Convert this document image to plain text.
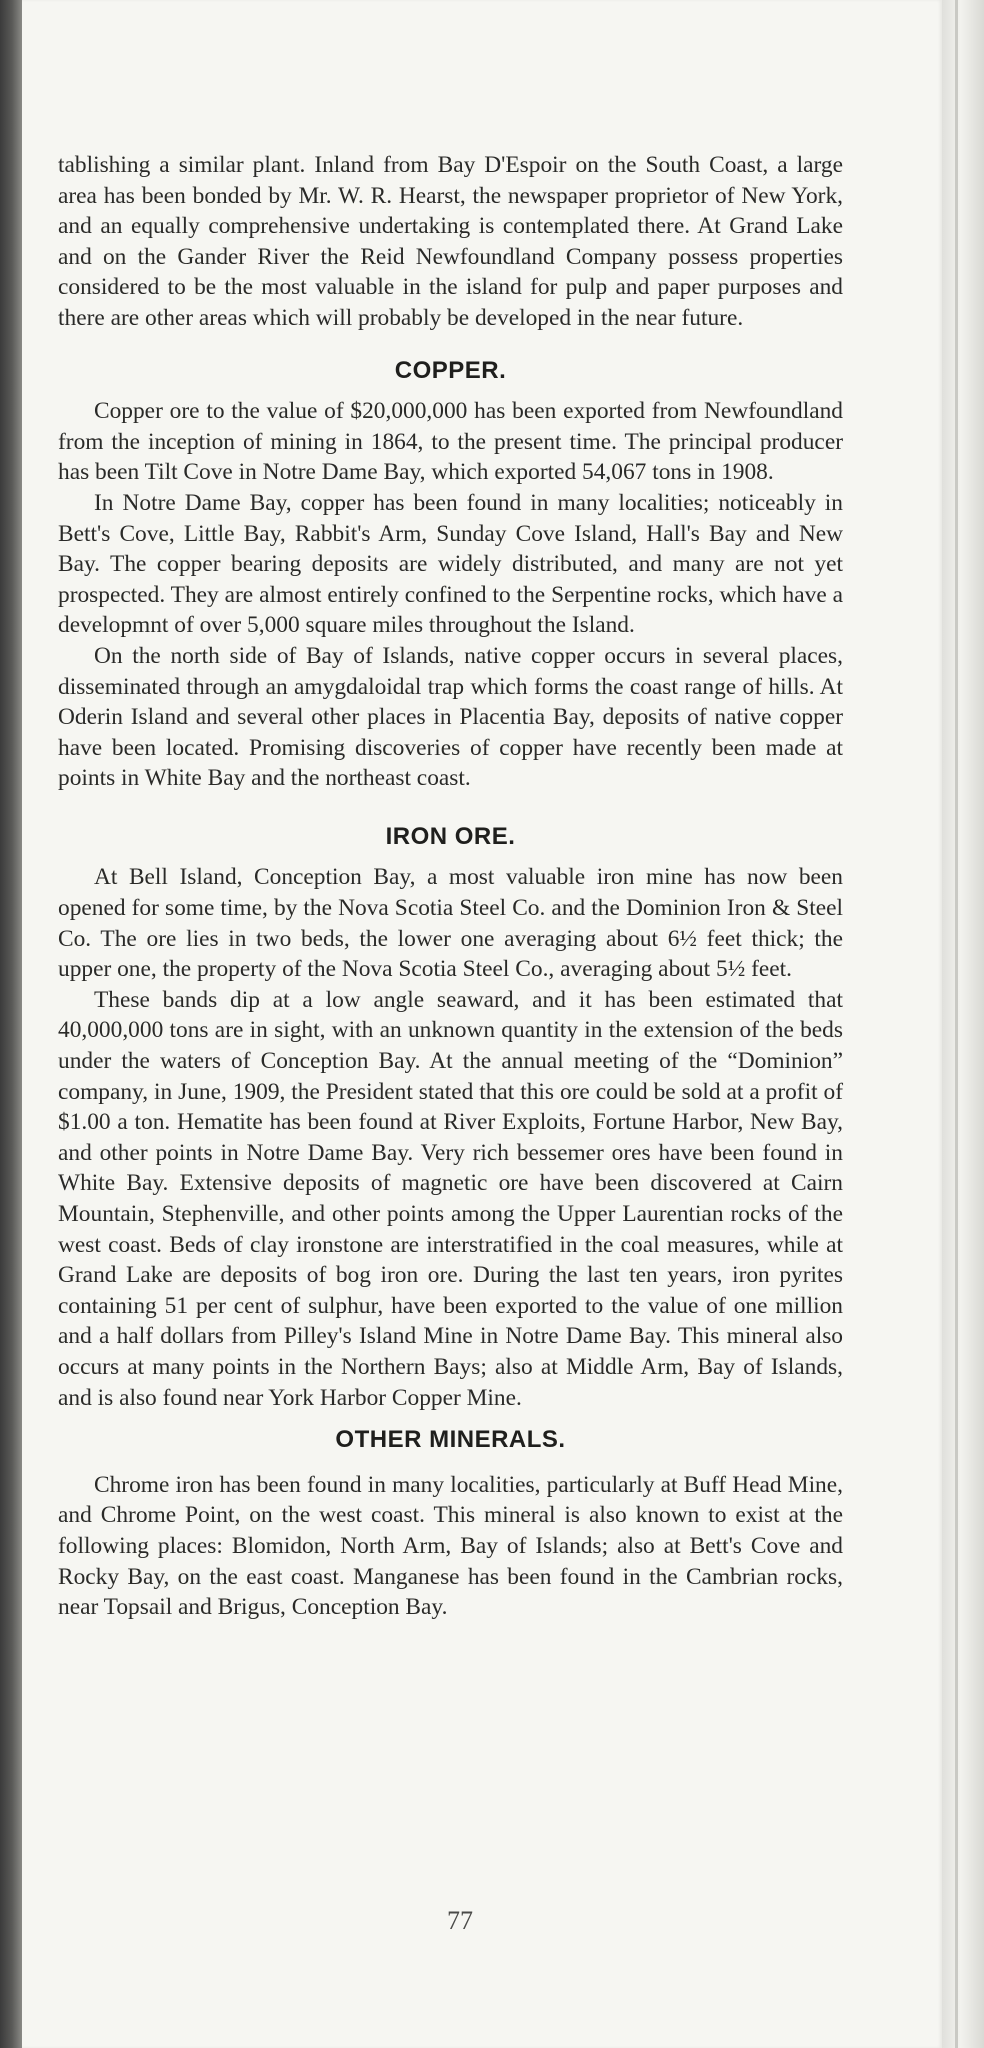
tablishing a similar plant. Inland from Bay D'Espoir on the South Coast, a large area has been bonded by Mr. W. R. Hearst, the newspaper proprietor of New York, and an equally comprehensive undertaking is contemplated there. At Grand Lake and on the Gander River the Reid Newfoundland Company possess properties considered to be the most valuable in the island for pulp and paper purposes and there are other areas which will probably be developed in the near future.

COPPER.

Copper ore to the value of $20,000,000 has been exported from Newfoundland from the inception of mining in 1864, to the present time. The principal producer has been Tilt Cove in Notre Dame Bay, which exported 54,067 tons in 1908.

In Notre Dame Bay, copper has been found in many localities; noticeably in Bett's Cove, Little Bay, Rabbit's Arm, Sunday Cove Island, Hall's Bay and New Bay. The copper bearing deposits are widely distributed, and many are not yet prospected. They are almost entirely confined to the Serpentine rocks, which have a developmnt of over 5,000 square miles throughout the Island.

On the north side of Bay of Islands, native copper occurs in several places, disseminated through an amygdaloidal trap which forms the coast range of hills. At Oderin Island and several other places in Placentia Bay, deposits of native copper have been located. Promising discoveries of copper have recently been made at points in White Bay and the northeast coast.

IRON ORE.

At Bell Island, Conception Bay, a most valuable iron mine has now been opened for some time, by the Nova Scotia Steel Co. and the Dominion Iron & Steel Co. The ore lies in two beds, the lower one averaging about 6½ feet thick; the upper one, the property of the Nova Scotia Steel Co., averaging about 5½ feet.

These bands dip at a low angle seaward, and it has been estimated that 40,000,000 tons are in sight, with an unknown quantity in the extension of the beds under the waters of Conception Bay. At the annual meeting of the “Dominion” company, in June, 1909, the President stated that this ore could be sold at a profit of $1.00 a ton. Hematite has been found at River Exploits, Fortune Harbor, New Bay, and other points in Notre Dame Bay. Very rich bessemer ores have been found in White Bay. Extensive deposits of magnetic ore have been discovered at Cairn Mountain, Stephenville, and other points among the Upper Laurentian rocks of the west coast. Beds of clay ironstone are interstratified in the coal measures, while at Grand Lake are deposits of bog iron ore. During the last ten years, iron pyrites containing 51 per cent of sulphur, have been exported to the value of one million and a half dollars from Pilley's Island Mine in Notre Dame Bay. This mineral also occurs at many points in the Northern Bays; also at Middle Arm, Bay of Islands, and is also found near York Harbor Copper Mine.

OTHER MINERALS.

Chrome iron has been found in many localities, particularly at Buff Head Mine, and Chrome Point, on the west coast. This mineral is also known to exist at the following places: Blomidon, North Arm, Bay of Islands; also at Bett's Cove and Rocky Bay, on the east coast. Manganese has been found in the Cambrian rocks, near Topsail and Brigus, Conception Bay.

77
